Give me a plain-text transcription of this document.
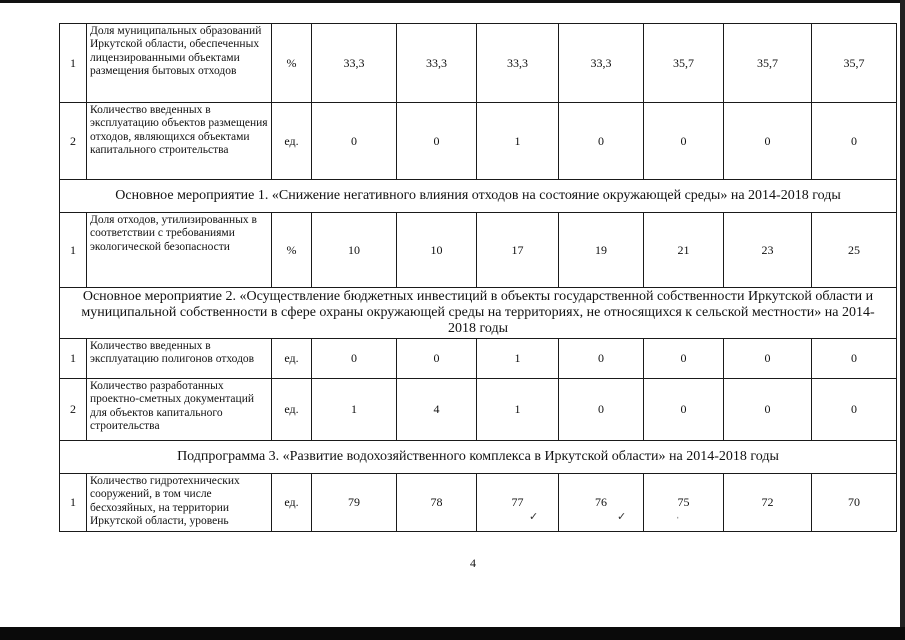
1	Доля муниципальных образований Иркутской области, обеспеченных лицензированными объектами размещения бытовых отходов	%	33,3	33,3	33,3	33,3	35,7	35,7	35,7
2	Количество введенных в эксплуатацию объектов размещения отходов, являющихся объектами капитального строительства	ед.	0	0	1	0	0	0	0
Основное мероприятие 1. «Снижение негативного влияния отходов на состояние окружающей среды» на 2014-2018 годы									
1	Доля отходов, утилизированных в соответствии с требованиями экологической безопасности	%	10	10	17	19	21	23	25
Основное мероприятие 2. «Осуществление бюджетных инвестиций в объекты государственной собственности Иркутской области и муниципальной собственности в сфере охраны окружающей среды на территориях, не относящихся к сельской местности» на 2014-2018 годы									
1	Количество введенных в эксплуатацию полигонов отходов	ед.	0	0	1	0	0	0	0
2	Количество разработанных проектно-сметных документаций для объектов капитального строительства	ед.	1	4	1	0	0	0	0
Подпрограмма 3. «Развитие водохозяйственного комплекса в Иркутской области» на 2014-2018 годы									
1	Количество гидротехнических сооружений, в том числе бесхозяйных, на территории Иркутской области, уровень	ед.	79	78	77	76	75	72	70
✓	✓	ˈ
4
